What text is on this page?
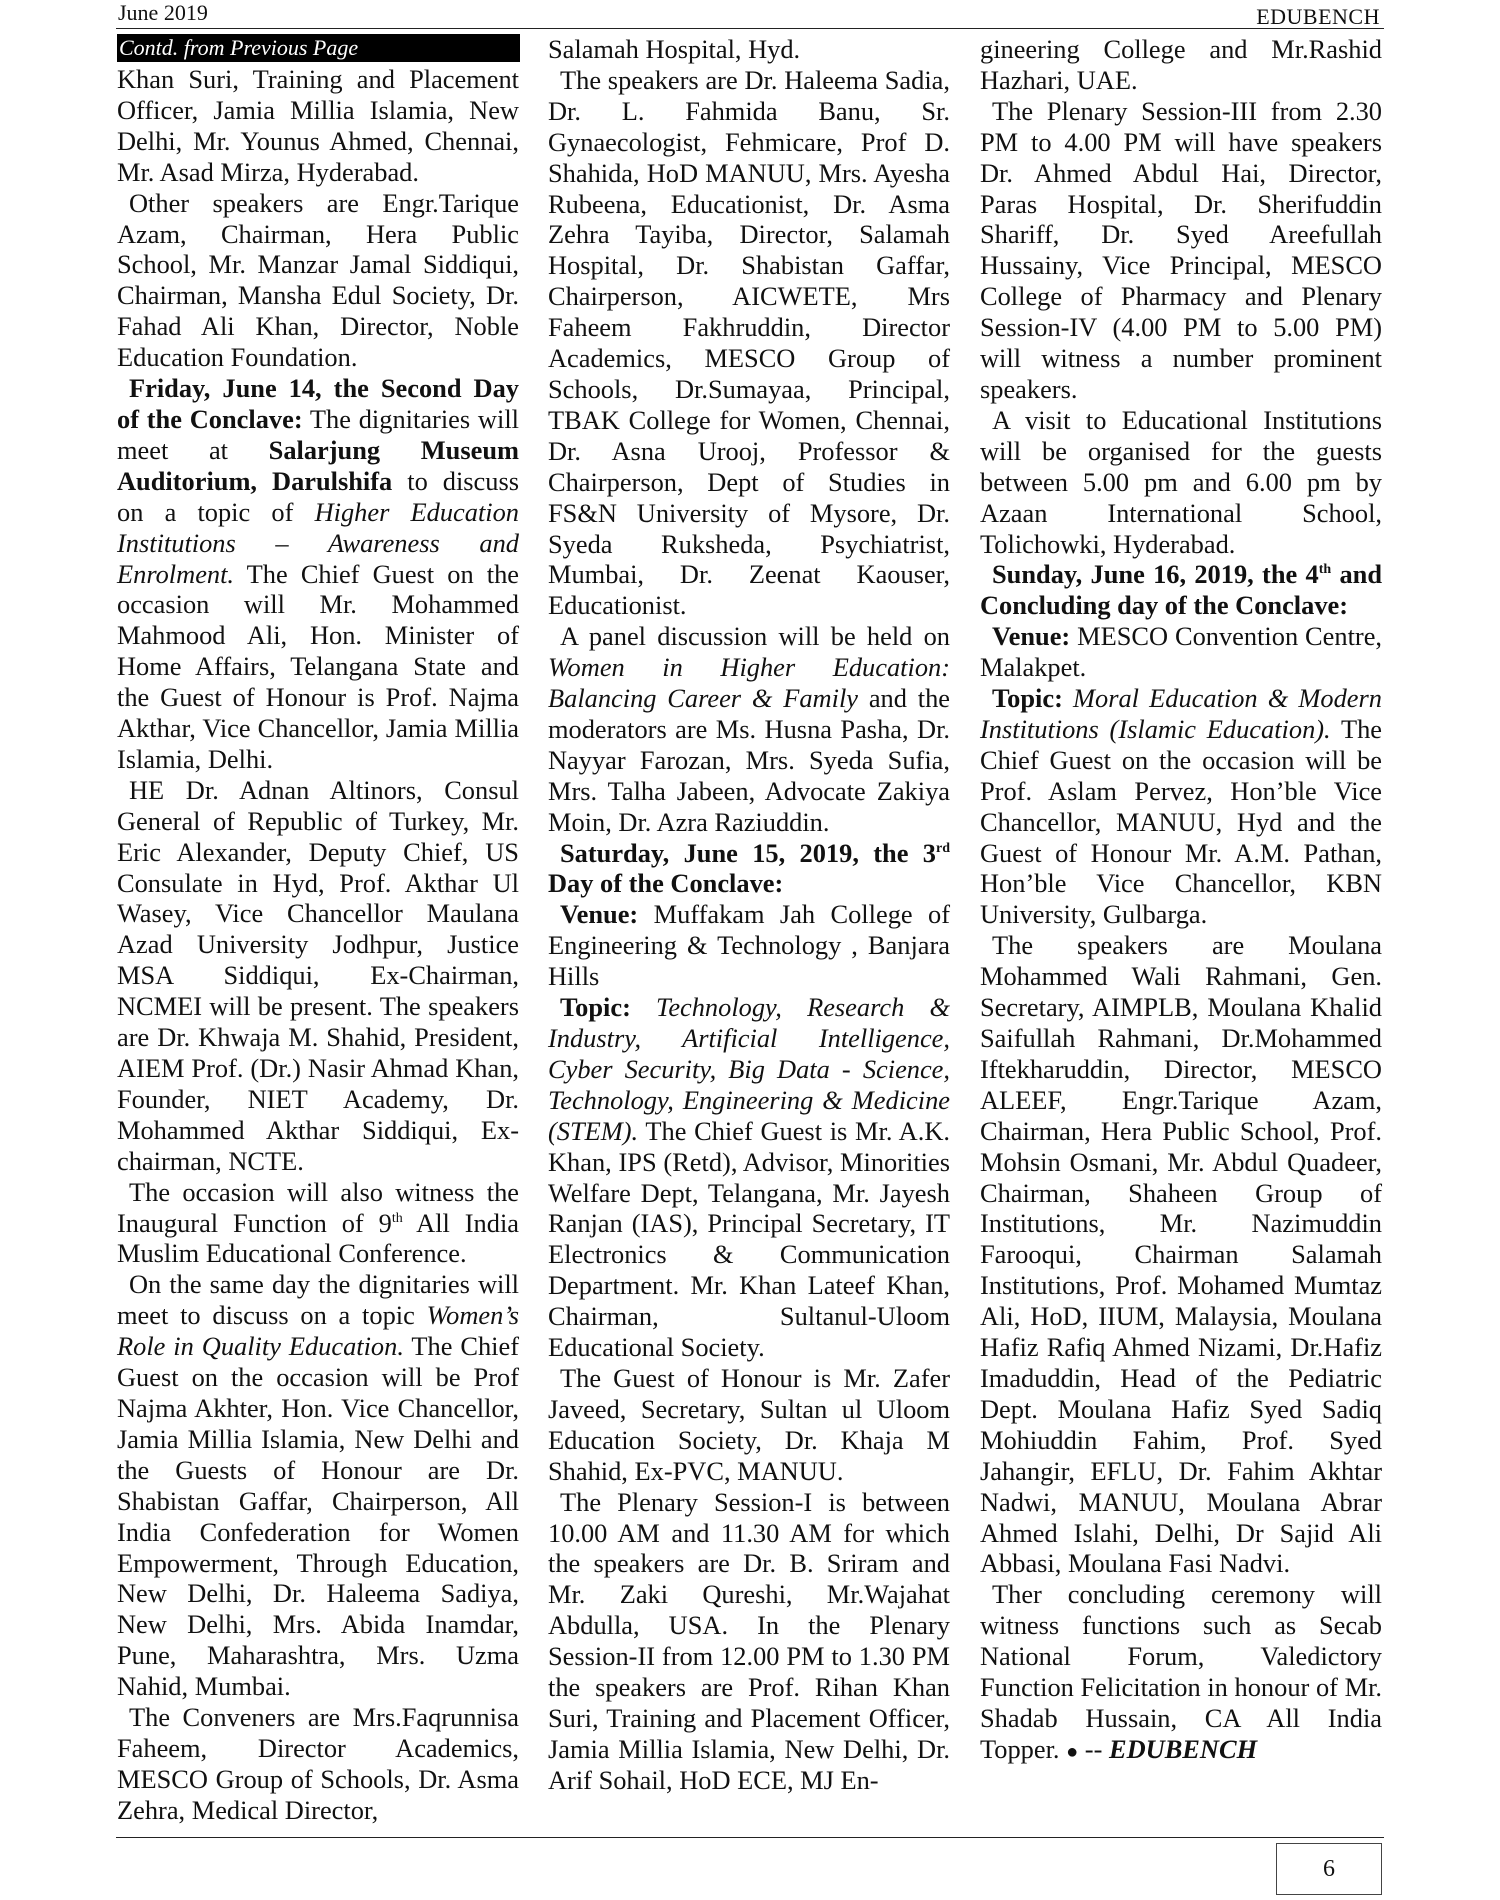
June 2019	EDUBENCH
Contd. from Previous Page

Khan Suri, Training and Placement Officer, Jamia Millia Islamia, New Delhi, Mr. Younus Ahmed, Chennai, Mr. Asad Mirza, Hyderabad.

Other speakers are Engr.Tarique Azam, Chairman, Hera Public School, Mr. Manzar Jamal Siddiqui, Chairman, Mansha Edul Society, Dr. Fahad Ali Khan, Director, Noble Education Foundation.

Friday, June 14, the Second Day of the Conclave: The dignitaries will meet at Salarjung Museum Auditorium, Darulshifa to discuss on a topic of Higher Education Institutions – Awareness and Enrolment. The Chief Guest on the occasion will Mr. Mohammed Mahmood Ali, Hon. Minister of Home Affairs, Telangana State and the Guest of Honour is Prof. Najma Akthar, Vice Chancellor, Jamia Millia Islamia, Delhi.

HE Dr. Adnan Altinors, Consul General of Republic of Turkey, Mr. Eric Alexander, Deputy Chief, US Consulate in Hyd, Prof. Akthar Ul Wasey, Vice Chancellor Maulana Azad University Jodhpur, Justice MSA Siddiqui, Ex-Chairman, NCMEI will be present. The speakers are Dr. Khwaja M. Shahid, President, AIEM Prof. (Dr.) Nasir Ahmad Khan, Founder, NIET Academy, Dr. Mohammed Akthar Siddiqui, Ex-chairman, NCTE.

The occasion will also witness the Inaugural Function of 9th All India Muslim Educational Conference.

On the same day the dignitaries will meet to discuss on a topic Women’s Role in Quality Education. The Chief Guest on the occasion will be Prof Najma Akhter, Hon. Vice Chancellor, Jamia Millia Islamia, New Delhi and the Guests of Honour are Dr. Shabistan Gaffar, Chairperson, All India Confederation for Women Empowerment, Through Education, New Delhi, Dr. Haleema Sadiya, New Delhi, Mrs. Abida Inamdar, Pune, Maharashtra, Mrs. Uzma Nahid, Mumbai.

The Conveners are Mrs.Faqrunnisa Faheem, Director Academics, MESCO Group of Schools, Dr. Asma Zehra, Medical Director,

Salamah Hospital, Hyd.

The speakers are Dr. Haleema Sadia, Dr. L. Fahmida Banu, Sr. Gynaecologist, Fehmicare, Prof D. Shahida, HoD MANUU, Mrs. Ayesha Rubeena, Educationist, Dr. Asma Zehra Tayiba, Director, Salamah Hospital, Dr. Shabistan Gaffar, Chairperson, AICWETE, Mrs Faheem Fakhruddin, Director Academics, MESCO Group of Schools, Dr.Sumayaa, Principal, TBAK College for Women, Chennai, Dr. Asna Urooj, Professor & Chairperson, Dept of Studies in FS&N University of Mysore, Dr. Syeda Ruksheda, Psychiatrist, Mumbai, Dr. Zeenat Kaouser, Educationist.

A panel discussion will be held on Women in Higher Education: Balancing Career & Family and the moderators are Ms. Husna Pasha, Dr. Nayyar Farozan, Mrs. Syeda Sufia, Mrs. Talha Jabeen, Advocate Zakiya Moin, Dr. Azra Raziuddin.

Saturday, June 15, 2019, the 3rd Day of the Conclave:

Venue: Muffakam Jah College of Engineering & Technology , Banjara Hills

Topic: Technology, Research & Industry, Artificial Intelligence, Cyber Security, Big Data - Science, Technology, Engineering & Medicine (STEM). The Chief Guest is Mr. A.K. Khan, IPS (Retd), Advisor, Minorities Welfare Dept, Telangana, Mr. Jayesh Ranjan (IAS), Principal Secretary, IT Electronics & Communication Department. Mr. Khan Lateef Khan, Chairman, Sultanul-Uloom Educational Society.

The Guest of Honour is Mr. Zafer Javeed, Secretary, Sultan ul Uloom Education Society, Dr. Khaja M Shahid, Ex-PVC, MANUU.

The Plenary Session-I is between 10.00 AM and 11.30 AM for which the speakers are Dr. B. Sriram and Mr. Zaki Qureshi, Mr.Wajahat Abdulla, USA. In the Plenary Session-II from 12.00 PM to 1.30 PM the speakers are Prof. Rihan Khan Suri, Training and Placement Officer, Jamia Millia Islamia, New Delhi, Dr. Arif Sohail, HoD ECE, MJ En-

gineering College and Mr.Rashid Hazhari, UAE.

The Plenary Session-III from 2.30 PM to 4.00 PM will have speakers Dr. Ahmed Abdul Hai, Director, Paras Hospital, Dr. Sherifuddin Shariff, Dr. Syed Areefullah Hussainy, Vice Principal, MESCO College of Pharmacy and Plenary Session-IV (4.00 PM to 5.00 PM) will witness a number prominent speakers.

A visit to Educational Institutions will be organised for the guests between 5.00 pm and 6.00 pm by Azaan International School, Tolichowki, Hyderabad.

Sunday, June 16, 2019, the 4th and Concluding day of the Conclave:

Venue: MESCO Convention Centre, Malakpet.

Topic: Moral Education & Modern Institutions (Islamic Education). The Chief Guest on the occasion will be Prof. Aslam Pervez, Hon’ble Vice Chancellor, MANUU, Hyd and the Guest of Honour Mr. A.M. Pathan, Hon’ble Vice Chancellor, KBN University, Gulbarga.

The speakers are Moulana Mohammed Wali Rahmani, Gen. Secretary, AIMPLB, Moulana Khalid Saifullah Rahmani, Dr.Mohammed Iftekharuddin, Director, MESCO ALEEF, Engr.Tarique Azam, Chairman, Hera Public School, Prof. Mohsin Osmani, Mr. Abdul Quadeer, Chairman, Shaheen Group of Institutions, Mr. Nazimuddin Farooqui, Chairman Salamah Institutions, Prof. Mohamed Mumtaz Ali, HoD, IIUM, Malaysia, Moulana Hafiz Rafiq Ahmed Nizami, Dr.Hafiz Imaduddin, Head of the Pediatric Dept. Moulana Hafiz Syed Sadiq Mohiuddin Fahim, Prof. Syed Jahangir, EFLU, Dr. Fahim Akhtar Nadwi, MANUU, Moulana Abrar Ahmed Islahi, Delhi, Dr Sajid Ali Abbasi, Moulana Fasi Nadvi.

Ther concluding ceremony will witness functions such as Secab National Forum, Valedictory Function Felicitation in honour of Mr. Shadab Hussain, CA All India Topper. ● -- EDUBENCH

6
